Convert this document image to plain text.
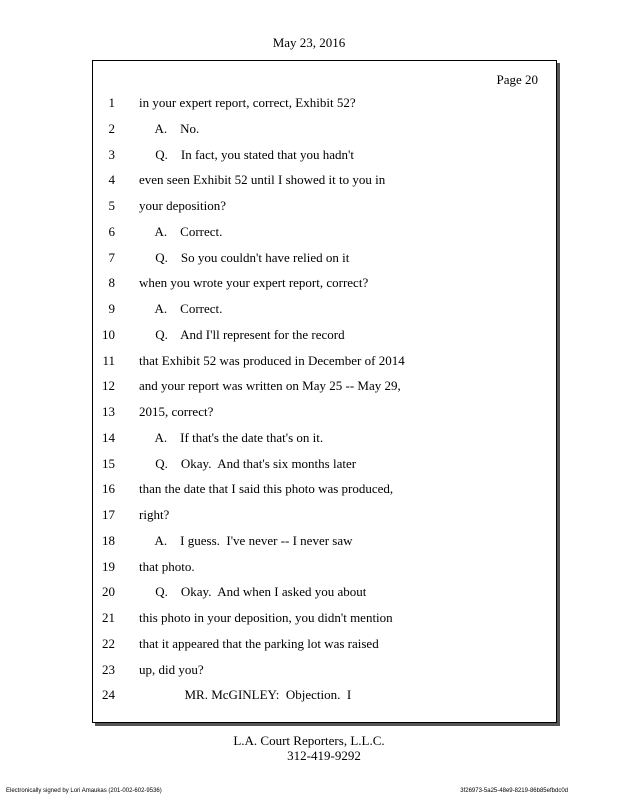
May 23, 2016
Page 20
1 in your expert report, correct, Exhibit 52?
2 A.    No.
3 Q.    In fact, you stated that you hadn't
4 even seen Exhibit 52 until I showed it to you in
5 your deposition?
6 A.    Correct.
7 Q.    So you couldn't have relied on it
8 when you wrote your expert report, correct?
9 A.    Correct.
10 Q.    And I'll represent for the record
11 that Exhibit 52 was produced in December of 2014
12 and your report was written on May 25 -- May 29,
13 2015, correct?
14 A.    If that's the date that's on it.
15 Q.    Okay.  And that's six months later
16 than the date that I said this photo was produced,
17 right?
18 A.    I guess.  I've never -- I never saw
19 that photo.
20 Q.    Okay.  And when I asked you about
21 this photo in your deposition, you didn't mention
22 that it appeared that the parking lot was raised
23 up, did you?
24 MR. McGINLEY:  Objection.  I
L.A. Court Reporters, L.L.C.
312-419-9292
Electronically signed by Lori Amaukas (201-002-602-9536)	3f26973-5a25-48e9-8219-86b85efbdc0d
